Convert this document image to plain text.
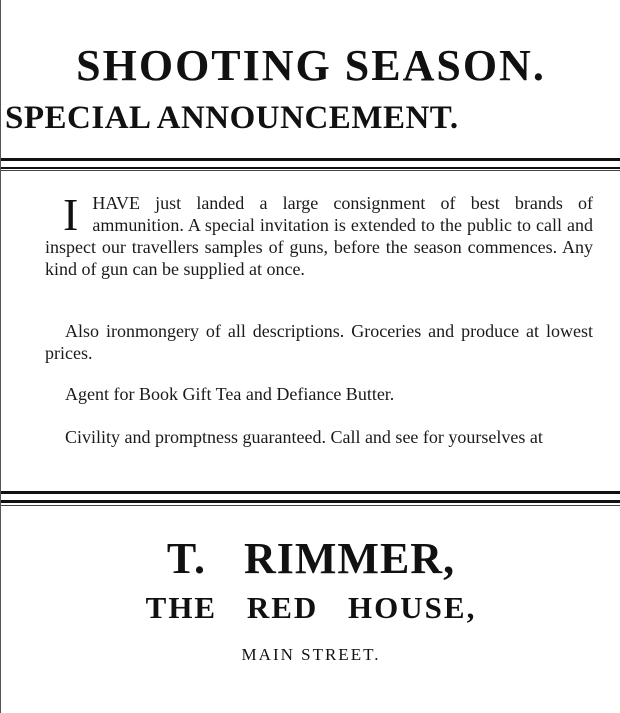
SHOOTING SEASON.
SPECIAL ANNOUNCEMENT.

IHAVE just landed a large consignment of best brands of ammunition. A special invitation is extended to the public to call and inspect our travellers samples of guns, before the season commences. Any kind of gun can be supplied at once.

Also ironmongery of all descriptions. Groceries and produce at lowest prices.

Agent for Book Gift Tea and Defiance Butter.

Civility and promptness guaranteed. Call and see for yourselves at

T. RIMMER,
THE RED HOUSE,
MAIN STREET.
